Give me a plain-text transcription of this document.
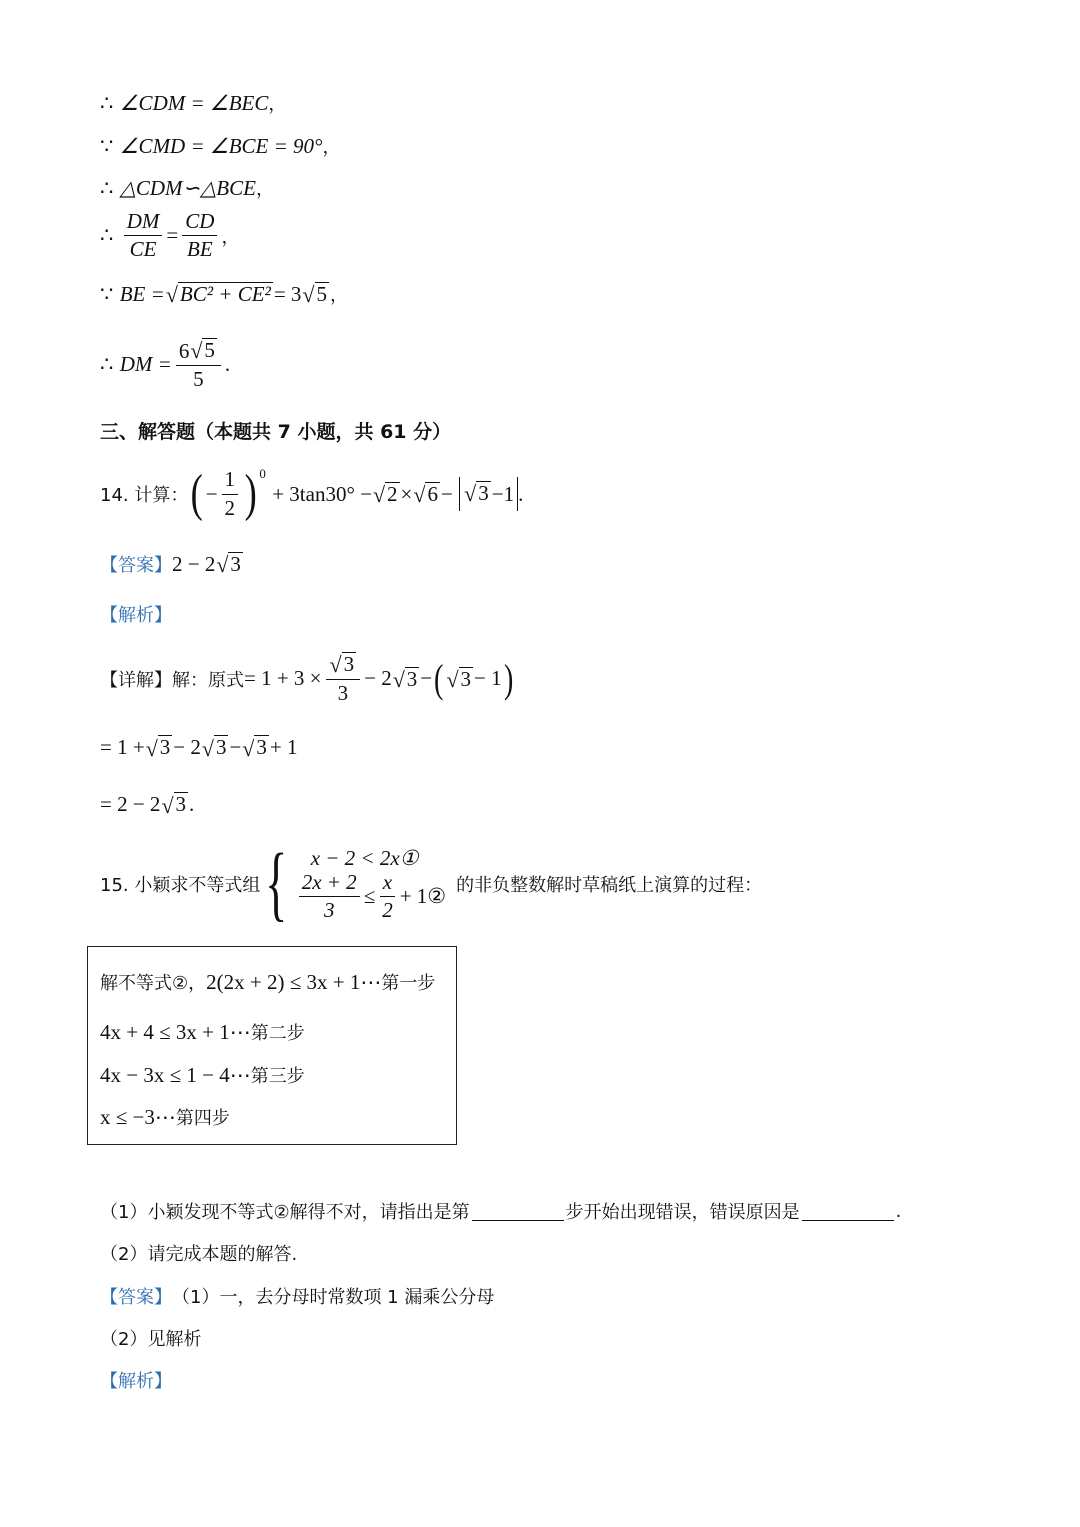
∴
∠CDM = ∠BEC ，
∵
∠CMD = ∠BCE = 90° ，
∴
△CDM∽△BCE ，
∴
$\frac{DM}{CE} = \frac{CD}{BE}$ ，
∵
BE = √ BC² + CE² = 3 √ 5 ，
∴
DM = $\frac{6 √ 5}{5}$ .
三、解答题（本题共 7 小题，共 61 分）
14. 计算： ( − $\frac{1}{2}$ ) 0

+ 3tan30° − √ 2 × √ 6 −
√ 3 −1 .
【答案】 2 − 2 √ 3
【解析】
【详解】 解：原式 = $1 + 3 \times \frac{√ 3}{3} - 2$ √ 3 − ( √ 3 − 1 )
= 1 + √ 3 − 2 √ 3 − √ 3 + 1
= 2 − 2 √ 3 .
15. 小颖求不等式组 { x − 2 < 2x①
$\frac{2x + 2}{3} \le \frac{x}{2}$ + 1② 的非负整数解时草稿纸上演算的过程：
解不等式②， 2(2x + 2) ≤ 3x + 1⋯ 第一步
4x + 4 ≤ 3x + 1⋯ 第二步
4x − 3x ≤ 1 − 4⋯ 第三步
x ≤ −3⋯ 第四步
（1）小颖发现不等式②解得不对，请指出是第	步开始出现错误，错误原因是	.
（2）请完成本题的解答.
【答案】 （1）一，去分母时常数项 1 漏乘公分母
（2）见解析
【解析】
